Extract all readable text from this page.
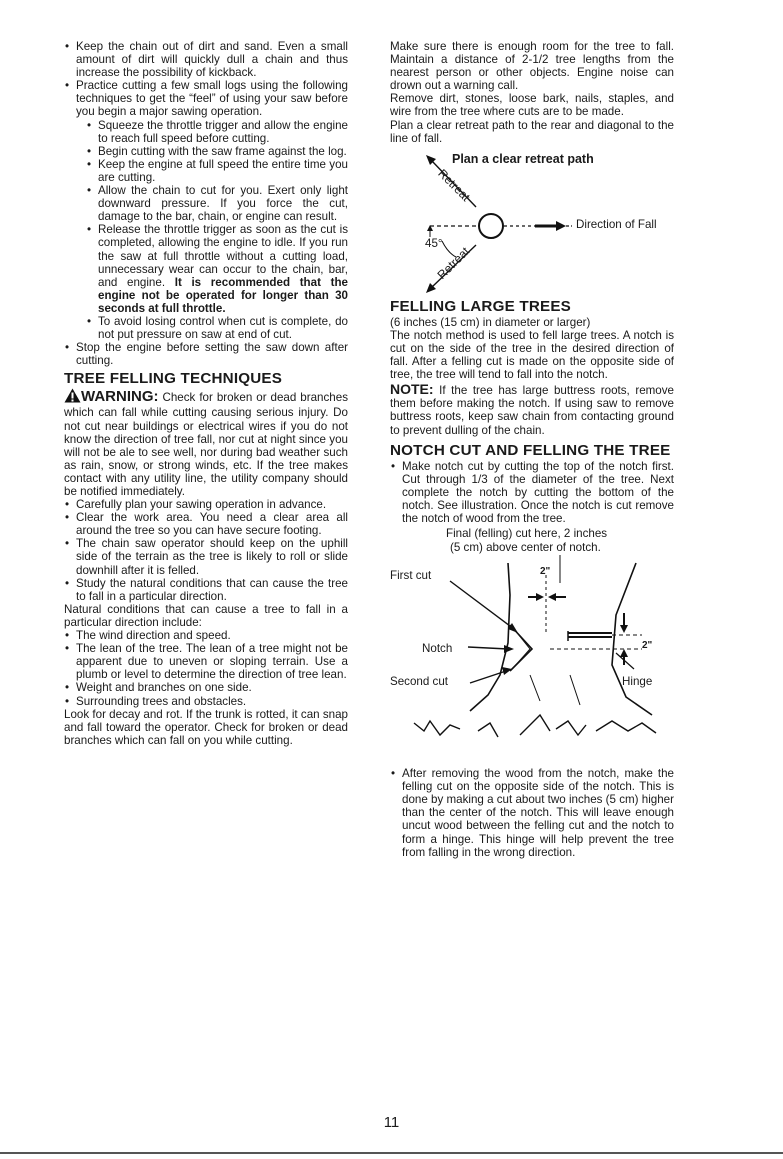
• Keep the chain out of dirt and sand. Even a small amount of dirt will quickly dull a chain and thus increase the possibility of kickback.
• Practice cutting a few small logs using the following techniques to get the “feel” of using your saw before you begin a major sawing operation.
• Squeeze the throttle trigger and allow the engine to reach full speed before cutting.
• Begin cutting with the saw frame against the log.
• Keep the engine at full speed the entire time you are cutting.
• Allow the chain to cut for you. Exert only light downward pressure. If you force the cut, damage to the bar, chain, or engine can result.
• Release the throttle trigger as soon as the cut is completed, allowing the engine to idle. If you run the saw at full throttle without a cutting load, unnecessary wear can occur to the chain, bar, and engine. It is recommended that the engine not be operated for longer than 30 seconds at full throttle.
• To avoid losing control when cut is complete, do not put pressure on saw at end of cut.
• Stop the engine before setting the saw down after cutting.
TREE FELLING TECHNIQUES

WARNING: Check for broken or dead branches which can fall while cutting causing serious injury. Do not cut near buildings or electrical wires if you do not know the direction of tree fall, nor cut at night since you will not be ale to see well, nor during bad weather such as rain, snow, or strong winds, etc. If the tree makes contact with any utility line, the utility company should be notified immediately.

• Carefully plan your sawing operation in advance.
• Clear the work area. You need a clear area all around the tree so you can have secure footing.
• The chain saw operator should keep on the uphill side of the terrain as the tree is likely to roll or slide downhill after it is felled.
• Study the natural conditions that can cause the tree to fall in a particular direction.

Natural conditions that can cause a tree to fall in a particular direction include:

• The wind direction and speed.
• The lean of the tree. The lean of a tree might not be apparent due to uneven or sloping terrain. Use a plumb or level to determine the direction of tree lean.
• Weight and branches on one side.
• Surrounding trees and obstacles.

Look for decay and rot. If the trunk is rotted, it can snap and fall toward the operator. Check for broken or dead branches which can fall on you while cutting.

Make sure there is enough room for the tree to fall. Maintain a distance of 2-1/2 tree lengths from the nearest person or other objects. Engine noise can drown out a warning call.

Remove dirt, stones, loose bark, nails, staples, and wire from the tree where cuts are to be made.

Plan a clear retreat path to the rear and diagonal to the line of fall.

Plan a clear retreat path
Retreat
Retreat
Direction of Fall
45°
FELLING LARGE TREES

(6 inches (15 cm) in diameter or larger)

The notch method is used to fell large trees. A notch is cut on the side of the tree in the desired direction of fall. After a felling cut is made on the opposite side of tree, the tree will tend to fall into the notch.

NOTE: If the tree has large buttress roots, remove them before making the notch. If using saw to remove buttress roots, keep saw chain from contacting ground to prevent dulling of the chain.

NOTCH CUT AND FELLING THE TREE
• Make notch cut by cutting the top of the notch first. Cut through 1/3 of the diameter of the tree. Next complete the notch by cutting the bottom of the notch. See illustration. Once the notch is cut remove the notch of wood from the tree.
Final (felling) cut here, 2 inches
(5 cm) above center of notch.
First cut
Notch
Second cut	Hinge
2"
2"
• After removing the wood from the notch, make the felling cut on the opposite side of the notch. This is done by making a cut about two inches (5 cm) higher than the center of the notch. This will leave enough uncut wood between the felling cut and the notch to form a hinge. This hinge will help prevent the tree from falling in the wrong direction.
11
